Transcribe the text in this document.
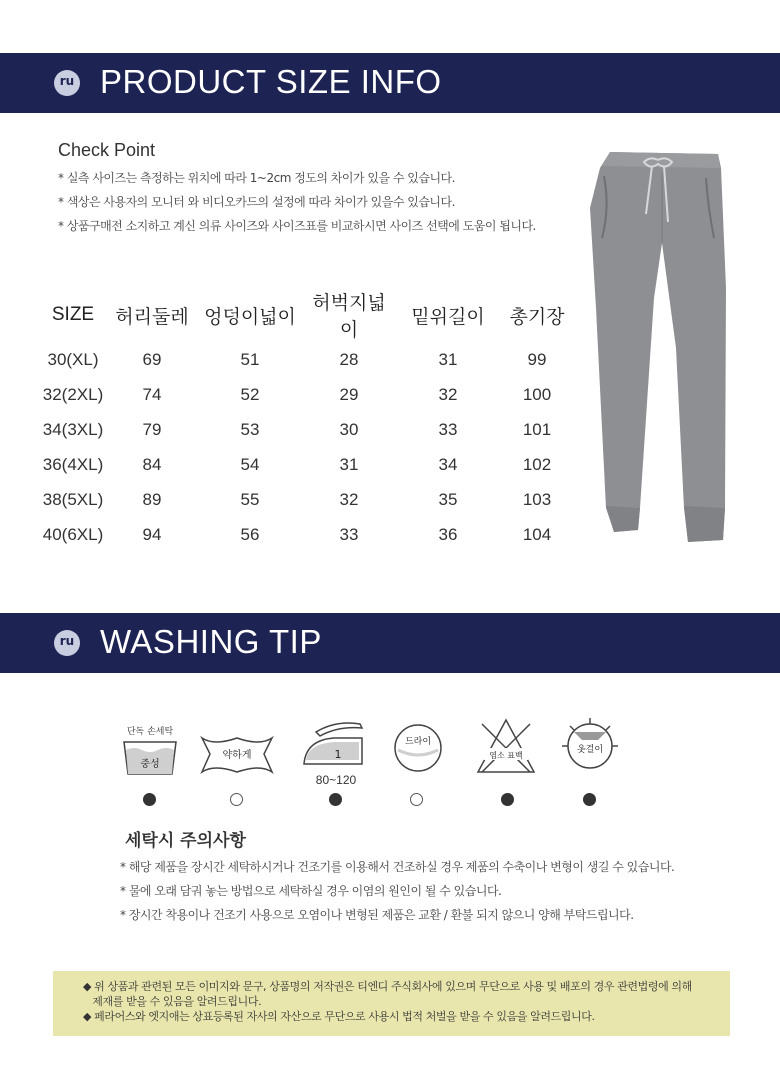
ru PRODUCT SIZE INFO
Check Point
* 실측 사이즈는 측정하는 위치에 따라 1~2cm 정도의 차이가 있을 수 있습니다.
* 색상은 사용자의 모니터 와 비디오카드의 설정에 따라 차이가 있을수 있습니다.
* 상품구매전 소지하고 계신 의류 사이즈와 사이즈표를 비교하시면 사이즈 선택에 도움이 됩니다.
SIZE	허리둘레	엉덩이넓이	허벅지넓이	밑위길이	총기장
30(XL)	69	51	28	31	99
32(2XL)	74	52	29	32	100
34(3XL)	79	53	30	33	101
36(4XL)	84	54	31	34	102
38(5XL)	89	55	32	35	103
40(6XL)	94	56	33	36	104
ru WASHING TIP
단독 손세탁
중성
약하게	1
80~120
드라이
염소 표백
옷걸이
세탁시 주의사항
* 해당 제품을 장시간 세탁하시거나 건조기를 이용해서 건조하실 경우 제품의 수축이나 변형이 생길 수 있습니다.
* 물에 오래 담궈 놓는 방법으로 세탁하실 경우 이염의 원인이 될 수 있습니다.
* 장시간 착용이나 건조기 사용으로 오염이나 변형된 제품은 교환 / 환불 되지 않으니 양해 부탁드립니다.
◆ 위 상품과 관련된 모든 이미지와 문구, 상품명의 저작권은 티엔디 주식회사에 있으며 무단으로 사용 및 배포의 경우 관련법령에 의해
제재를 받을 수 있음을 알려드립니다.
◆ 페라어스와 엣지애는 상표등록된 자사의 자산으로 무단으로 사용시 법적 처벌을 받을 수 있음을 알려드립니다.
